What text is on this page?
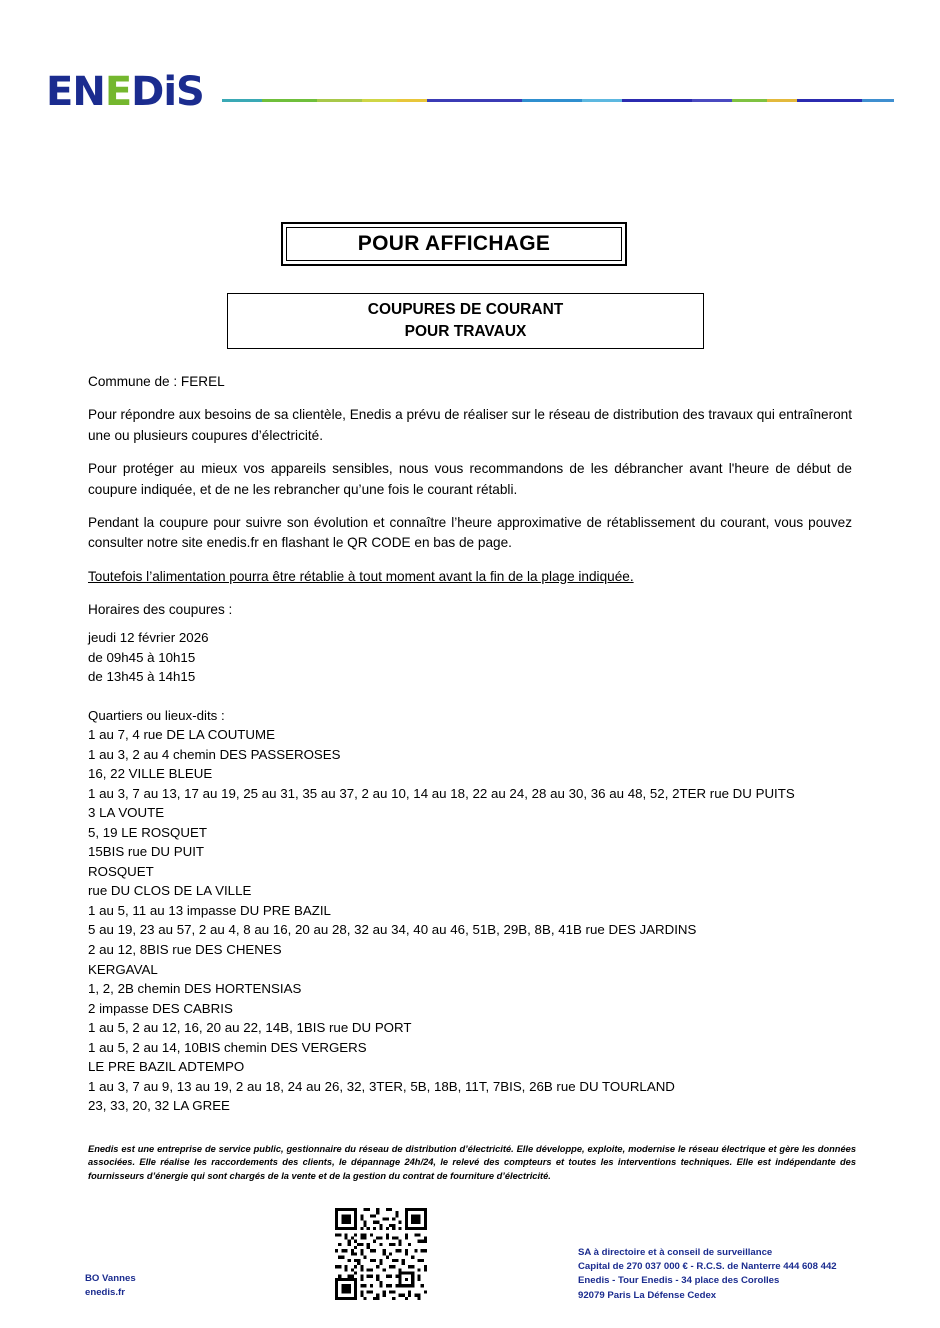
EN E DiS
POUR AFFICHAGE
COUPURES DE COURANT
POUR TRAVAUX

Commune de : FEREL

Pour répondre aux besoins de sa clientèle, Enedis a prévu de réaliser sur le réseau de distribution des travaux qui entraîneront une ou plusieurs coupures d’électricité.

Pour protéger au mieux vos appareils sensibles, nous vous recommandons de les débrancher avant l'heure de début de coupure indiquée, et de ne les rebrancher qu’une fois le courant rétabli.

Pendant la coupure pour suivre son évolution et connaître l’heure approximative de rétablissement du courant, vous pouvez consulter notre site enedis.fr en flashant le QR CODE en bas de page.

Toutefois l’alimentation pourra être rétablie à tout moment avant la fin de la plage indiquée.

Horaires des coupures :

jeudi 12 février 2026
de 09h45 à 10h15
de 13h45 à 14h15
Quartiers ou lieux-dits :
1 au 7, 4 rue DE LA COUTUME
1 au 3, 2 au 4 chemin DES PASSEROSES
16, 22 VILLE BLEUE
1 au 3, 7 au 13, 17 au 19, 25 au 31, 35 au 37, 2 au 10, 14 au 18, 22 au 24, 28 au 30, 36 au 48, 52, 2TER rue DU PUITS
3 LA VOUTE
5, 19 LE ROSQUET
15BIS rue DU PUIT
ROSQUET
rue DU CLOS DE LA VILLE
1 au 5, 11 au 13 impasse DU PRE BAZIL
5 au 19, 23 au 57, 2 au 4, 8 au 16, 20 au 28, 32 au 34, 40 au 46, 51B, 29B, 8B, 41B rue DES JARDINS
2 au 12, 8BIS rue DES CHENES
KERGAVAL
1, 2, 2B chemin DES HORTENSIAS
2 impasse DES CABRIS
1 au 5, 2 au 12, 16, 20 au 22, 14B, 1BIS rue DU PORT
1 au 5, 2 au 14, 10BIS chemin DES VERGERS
LE PRE BAZIL ADTEMPO
1 au 3, 7 au 9, 13 au 19, 2 au 18, 24 au 26, 32, 3TER, 5B, 18B, 11T, 7BIS, 26B rue DU TOURLAND
23, 33, 20, 32 LA GREE
Enedis est une entreprise de service public, gestionnaire du réseau de distribution d’électricité. Elle développe, exploite, modernise le réseau électrique et gère les données associées. Elle réalise les raccordements des clients, le dépannage 24h/24, le relevé des compteurs et toutes les interventions techniques. Elle est indépendante des fournisseurs d’énergie qui sont chargés de la vente et de la gestion du contrat de fourniture d’électricité.
BO Vannes
enedis.fr
SA à directoire et à conseil de surveillance
Capital de 270 037 000 € - R.C.S. de Nanterre 444 608 442
Enedis - Tour Enedis - 34 place des Corolles
92079 Paris La Défense Cedex
